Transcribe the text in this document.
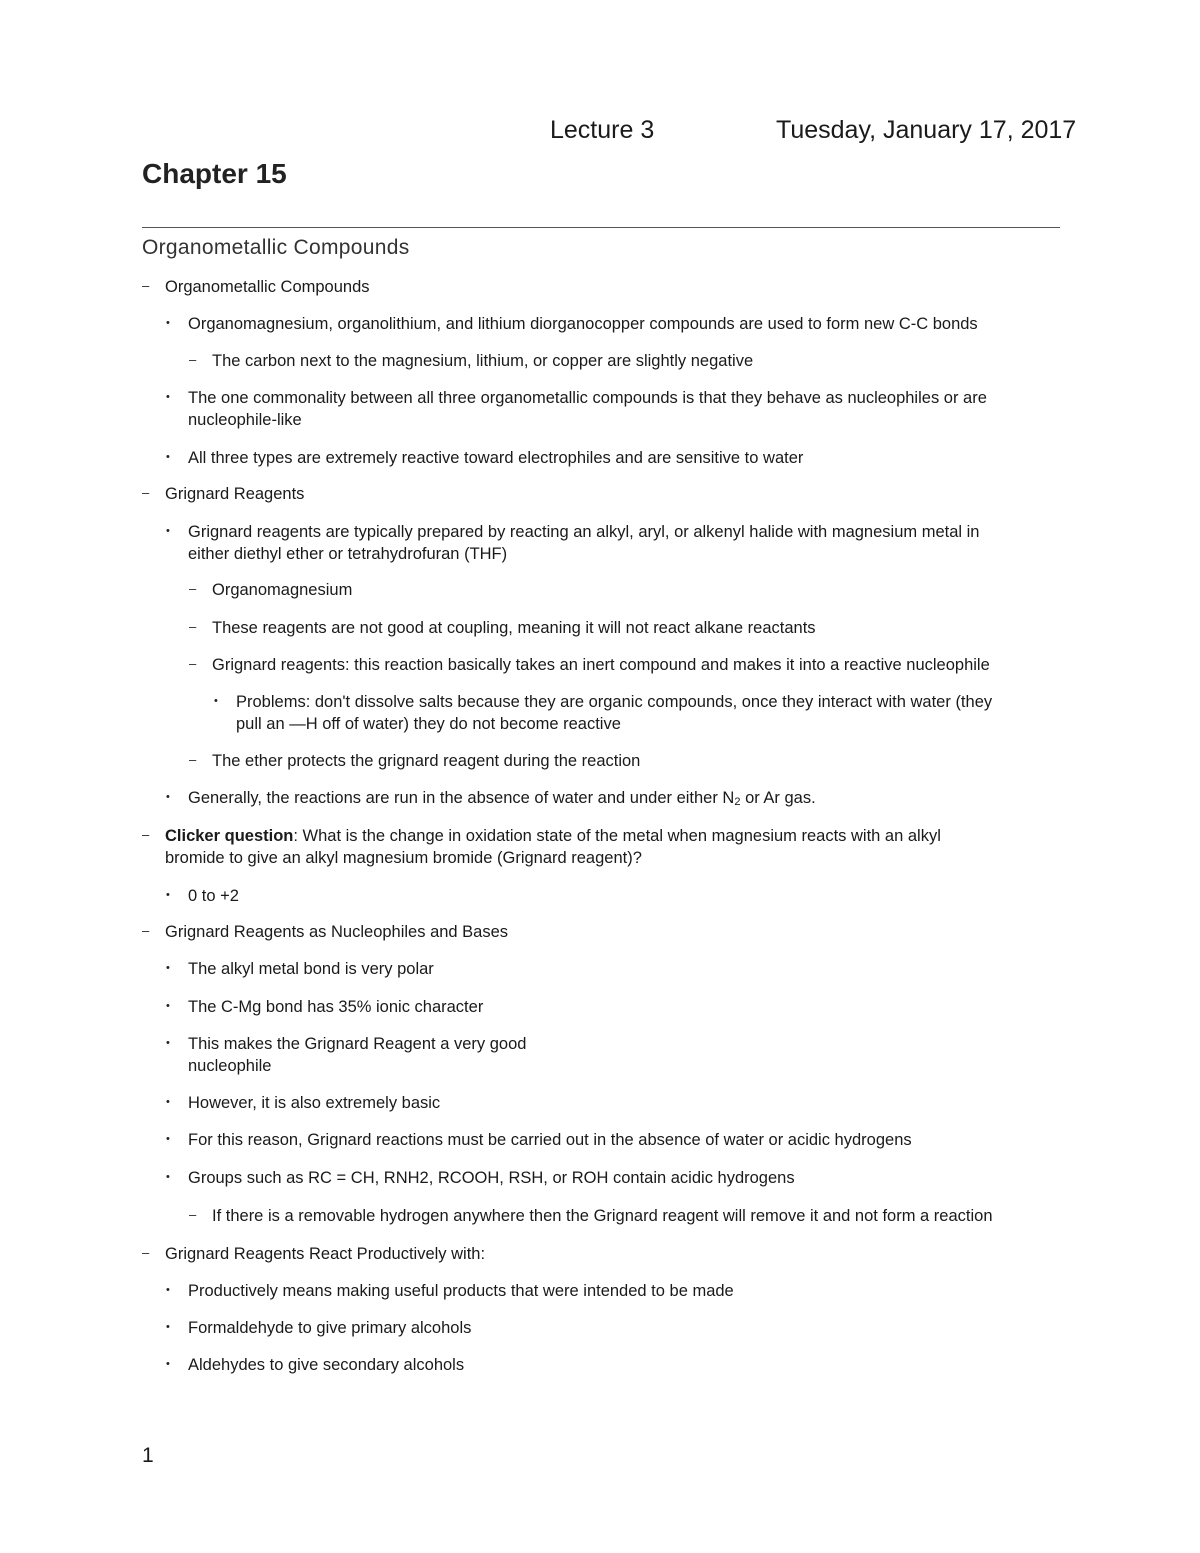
Lecture 3	Tuesday, January 17, 2017
Chapter 15
Organometallic Compounds
– Organometallic Compounds
• Organomagnesium, organolithium, and lithium diorganocopper compounds are used to form new C-C bonds
– The carbon next to the magnesium, lithium, or copper are slightly negative
• The one commonality between all three organometallic compounds is that they behave as nucleophiles or are
nucleophile-like
• All three types are extremely reactive toward electrophiles and are sensitive to water
– Grignard Reagents
• Grignard reagents are typically prepared by reacting an alkyl, aryl, or alkenyl halide with magnesium metal in
either diethyl ether or tetrahydrofuran (THF)
– Organomagnesium
– These reagents are not good at coupling, meaning it will not react alkane reactants
– Grignard reagents: this reaction basically takes an inert compound and makes it into a reactive nucleophile
• Problems: don't dissolve salts because they are organic compounds, once they interact with water (they
pull an —H off of water) they do not become reactive
– The ether protects the grignard reagent during the reaction
• Generally, the reactions are run in the absence of water and under either $N_2$ or Ar gas.
– Clicker question: What is the change in oxidation state of the metal when magnesium reacts with an alkyl
bromide to give an alkyl magnesium bromide (Grignard reagent)?
• 0 to +2
– Grignard Reagents as Nucleophiles and Bases
• The alkyl metal bond is very polar
• The C-Mg bond has 35% ionic character
• This makes the Grignard Reagent a very good
nucleophile
• However, it is also extremely basic
• For this reason, Grignard reactions must be carried out in the absence of water or acidic hydrogens
• Groups such as RC = CH, RNH2, RCOOH, RSH, or ROH contain acidic hydrogens
– If there is a removable hydrogen anywhere then the Grignard reagent will remove it and not form a reaction
– Grignard Reagents React Productively with:
• Productively means making useful products that were intended to be made
• Formaldehyde to give primary alcohols
• Aldehydes to give secondary alcohols
1
